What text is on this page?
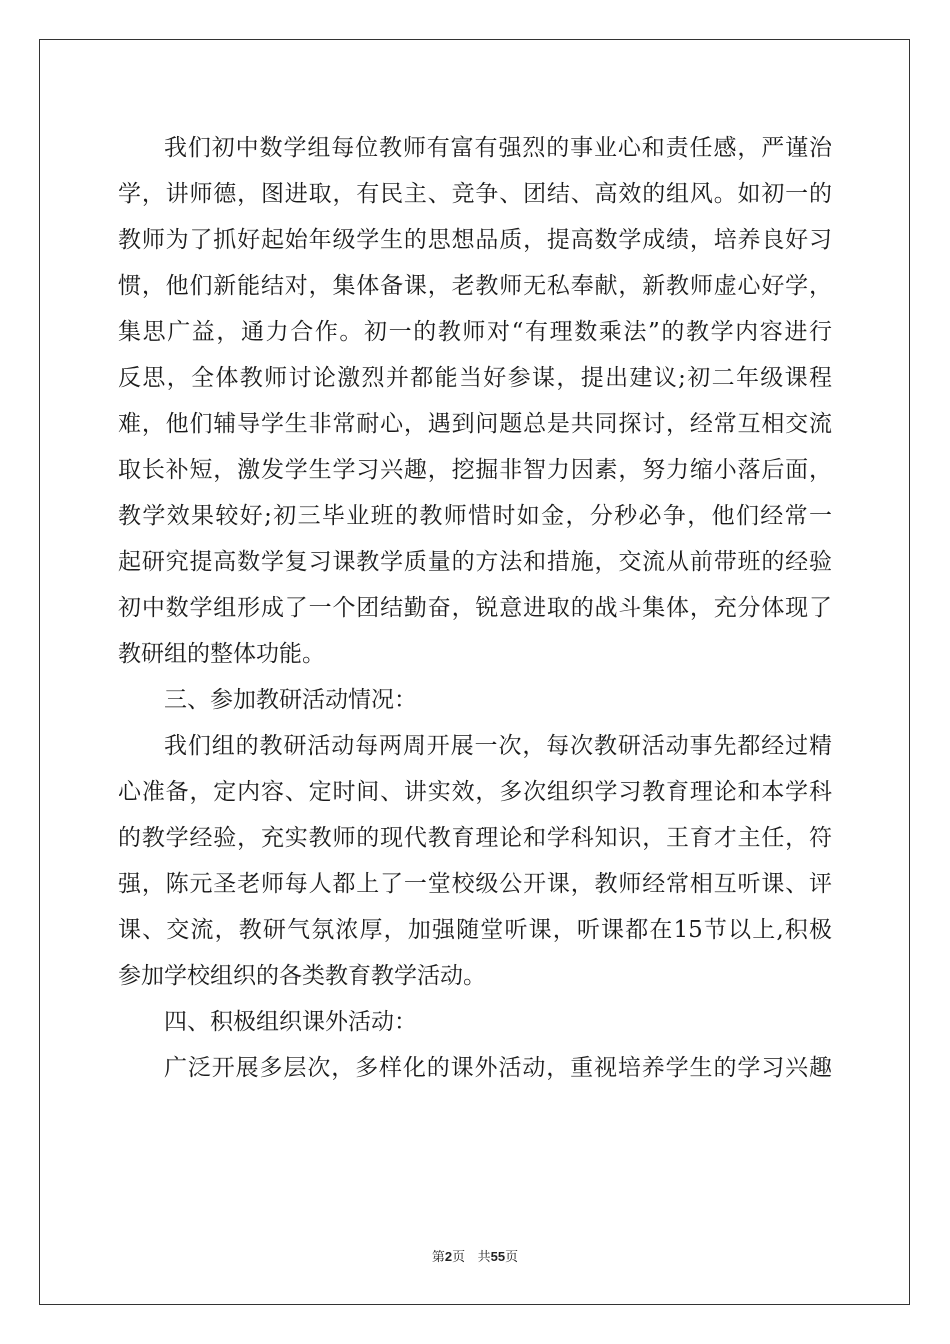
我们初中数学组每位教师有富有强烈的事业心和责任感，严谨治
学，讲师德，图进取，有民主、竞争、团结、高效的组风。如初一的
教师为了抓好起始年级学生的思想品质，提高数学成绩，培养良好习
惯，他们新能结对，集体备课，老教师无私奉献，新教师虚心好学，
集思广益，通力合作。初一的教师对“有理数乘法”的教学内容进行
反思，全体教师讨论激烈并都能当好参谋，提出建议;初二年级课程
难，他们辅导学生非常耐心，遇到问题总是共同探讨，经常互相交流
取长补短，激发学生学习兴趣，挖掘非智力因素，努力缩小落后面，
教学效果较好;初三毕业班的教师惜时如金，分秒必争，他们经常一
起研究提高数学复习课教学质量的方法和措施，交流从前带班的经验
初中数学组形成了一个团结勤奋，锐意进取的战斗集体，充分体现了
教研组的整体功能。
三、参加教研活动情况：
我们组的教研活动每两周开展一次，每次教研活动事先都经过精
心准备，定内容、定时间、讲实效，多次组织学习教育理论和本学科
的教学经验，充实教师的现代教育理论和学科知识，王育才主任，符
强，陈元圣老师每人都上了一堂校级公开课，教师经常相互听课、评
课、交流，教研气氛浓厚，加强随堂听课，听课都在15节以上,积极
参加学校组织的各类教育教学活动。
四、积极组织课外活动：
广泛开展多层次，多样化的课外活动，重视培养学生的学习兴趣
第2页 共55页
